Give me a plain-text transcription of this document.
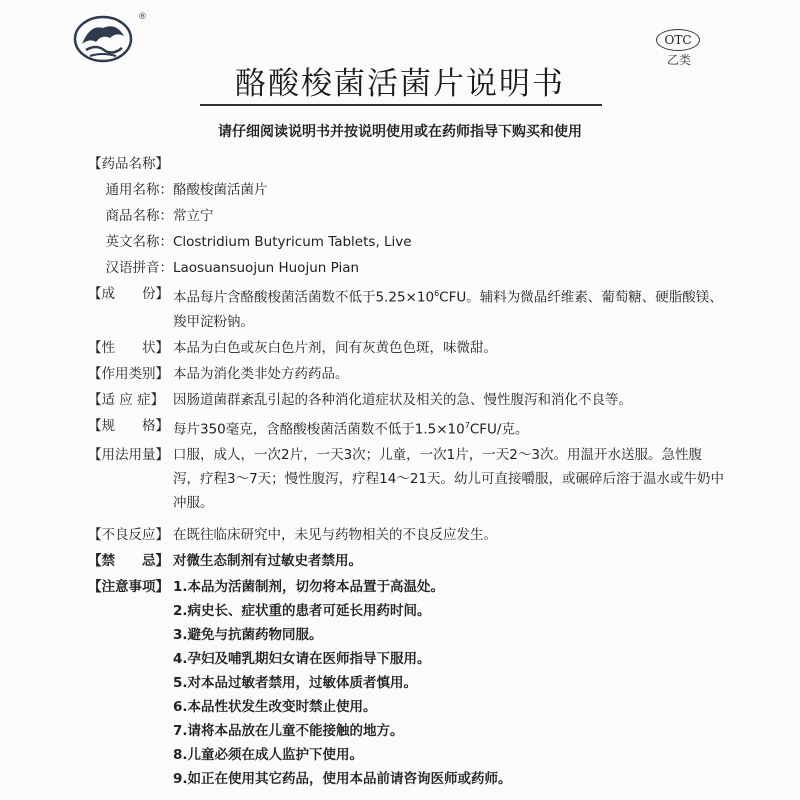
®
OTC
乙类
酪酸梭菌活菌片说明书
请仔细阅读说明书并按说明使用或在药师指导下购买和使用
【药品名称】
通用名称： 酪酸梭菌活菌片
商品名称： 常立宁
英文名称： Clostridium Butyricum Tablets, Live
汉语拼音： Laosuansuojun Huojun Pian
【成　　份】 本品每片含酪酸梭菌活菌数不低于$5.25\times 10^6CFU$。辅料为微晶纤维素、葡萄糖、硬脂酸镁、羧甲淀粉钠。
【性　　状】 本品为白色或灰白色片剂，间有灰黄色色斑，味微甜。
【作用类别】 本品为消化类非处方药药品。
【适 应 症】 因肠道菌群紊乱引起的各种消化道症状及相关的急、慢性腹泻和消化不良等。
【规　　格】 每片350毫克，含酪酸梭菌活菌数不低于$1.5\times 10^7CFU/$克。
【用法用量】 口服，成人，一次2片，一天3次；儿童，一次1片，一天2～3次。用温开水送服。急性腹泻，疗程3～7天；慢性腹泻，疗程14～21天。幼儿可直接嚼服，或碾碎后溶于温水或牛奶中冲服。
【不良反应】 在既往临床研究中，未见与药物相关的不良反应发生。
【禁　　忌】 对微生态制剂有过敏史者禁用。
【注意事项】 1.本品为活菌制剂，切勿将本品置于高温处。
2.病史长、症状重的患者可延长用药时间。
3.避免与抗菌药物同服。
4.孕妇及哺乳期妇女请在医师指导下服用。
5.对本品过敏者禁用，过敏体质者慎用。
6.本品性状发生改变时禁止使用。
7.请将本品放在儿童不能接触的地方。
8.儿童必须在成人监护下使用。
9.如正在使用其它药品，使用本品前请咨询医师或药师。
